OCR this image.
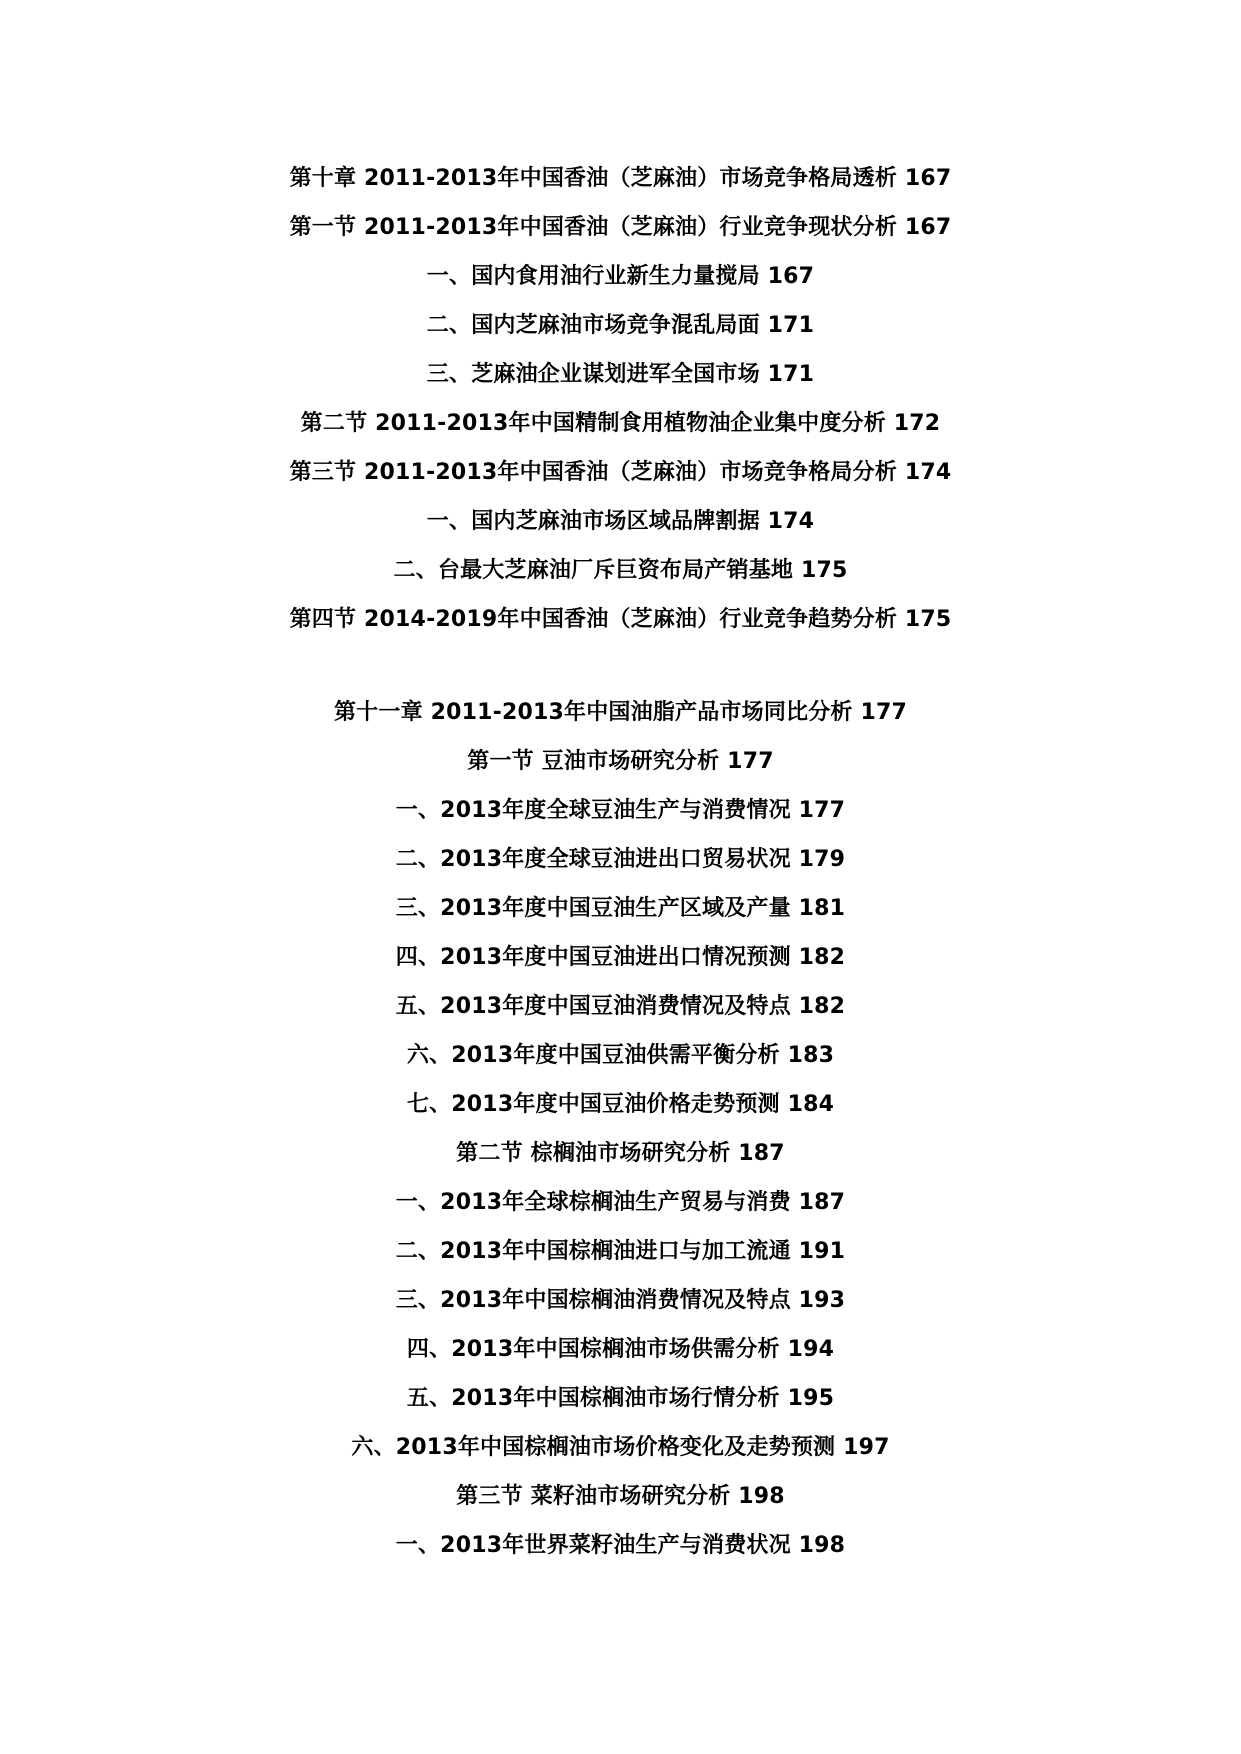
第十章 2011-2013年中国香油（芝麻油）市场竞争格局透析 167
第一节 2011-2013年中国香油（芝麻油）行业竞争现状分析 167
一、国内食用油行业新生力量搅局 167
二、国内芝麻油市场竞争混乱局面 171
三、芝麻油企业谋划进军全国市场 171
第二节 2011-2013年中国精制食用植物油企业集中度分析 172
第三节 2011-2013年中国香油（芝麻油）市场竞争格局分析 174
一、国内芝麻油市场区域品牌割据 174
二、台最大芝麻油厂斥巨资布局产销基地 175
第四节 2014-2019年中国香油（芝麻油）行业竞争趋势分析 175
第十一章 2011-2013年中国油脂产品市场同比分析 177
第一节 豆油市场研究分析 177
一、2013年度全球豆油生产与消费情况 177
二、2013年度全球豆油进出口贸易状况 179
三、2013年度中国豆油生产区域及产量 181
四、2013年度中国豆油进出口情况预测 182
五、2013年度中国豆油消费情况及特点 182
六、2013年度中国豆油供需平衡分析 183
七、2013年度中国豆油价格走势预测 184
第二节 棕榈油市场研究分析 187
一、2013年全球棕榈油生产贸易与消费 187
二、2013年中国棕榈油进口与加工流通 191
三、2013年中国棕榈油消费情况及特点 193
四、2013年中国棕榈油市场供需分析 194
五、2013年中国棕榈油市场行情分析 195
六、2013年中国棕榈油市场价格变化及走势预测 197
第三节 菜籽油市场研究分析 198
一、2013年世界菜籽油生产与消费状况 198
